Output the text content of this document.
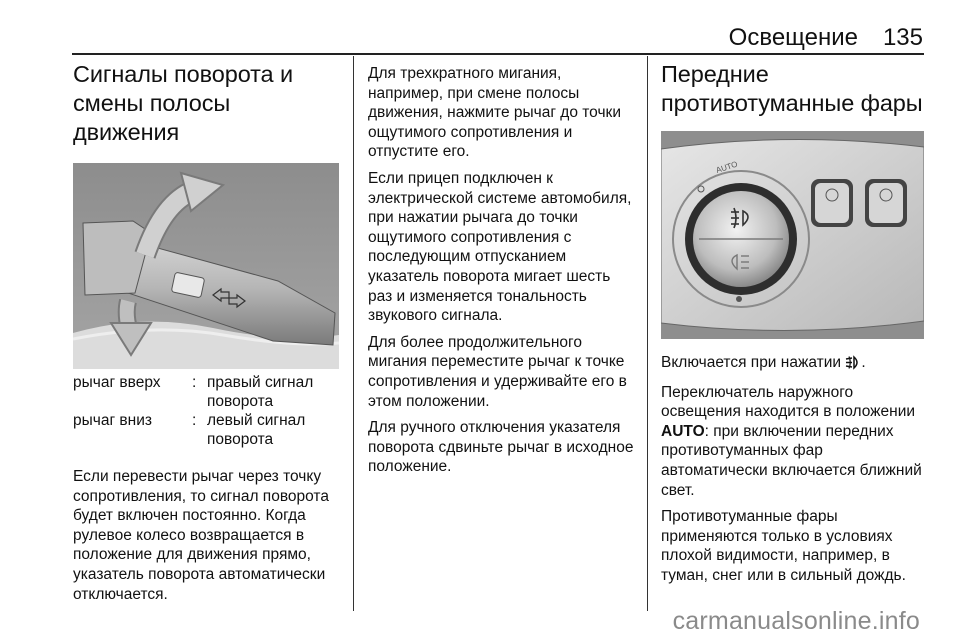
Освещение 135
Сигналы поворота и смены полосы движения
рычаг вверх	: правый сигнал поворота
рычаг вниз	: левый сигнал поворота

Если перевести рычаг через точку сопротивления, то сигнал поворота будет включен постоянно. Когда рулевое колесо возвращается в положение для движения прямо, указатель поворота автоматически отключается.

Для трехкратного мигания, например, при смене полосы движения, нажмите рычаг до точки ощутимого сопротивления и отпустите его.

Если прицеп подключен к электрической системе автомобиля, при нажатии рычага до точки ощутимого сопротивления с последующим отпусканием указатель поворота мигает шесть раз и изменяется тональность звукового сигнала.

Для более продолжительного мигания переместите рычаг к точке сопротивления и удерживайте его в этом положении.

Для ручного отключения указателя поворота сдвиньте рычаг в исходное положение.

Передние противотуманные фары
AUTO

Включается при нажатии .

Переключатель наружного освещения находится в положении AUTO: при включении передних противотуманных фар автоматически включается ближний свет.

Противотуманные фары применяются только в условиях плохой видимости, например, в туман, снег или в сильный дождь.

carmanualsonline.info
